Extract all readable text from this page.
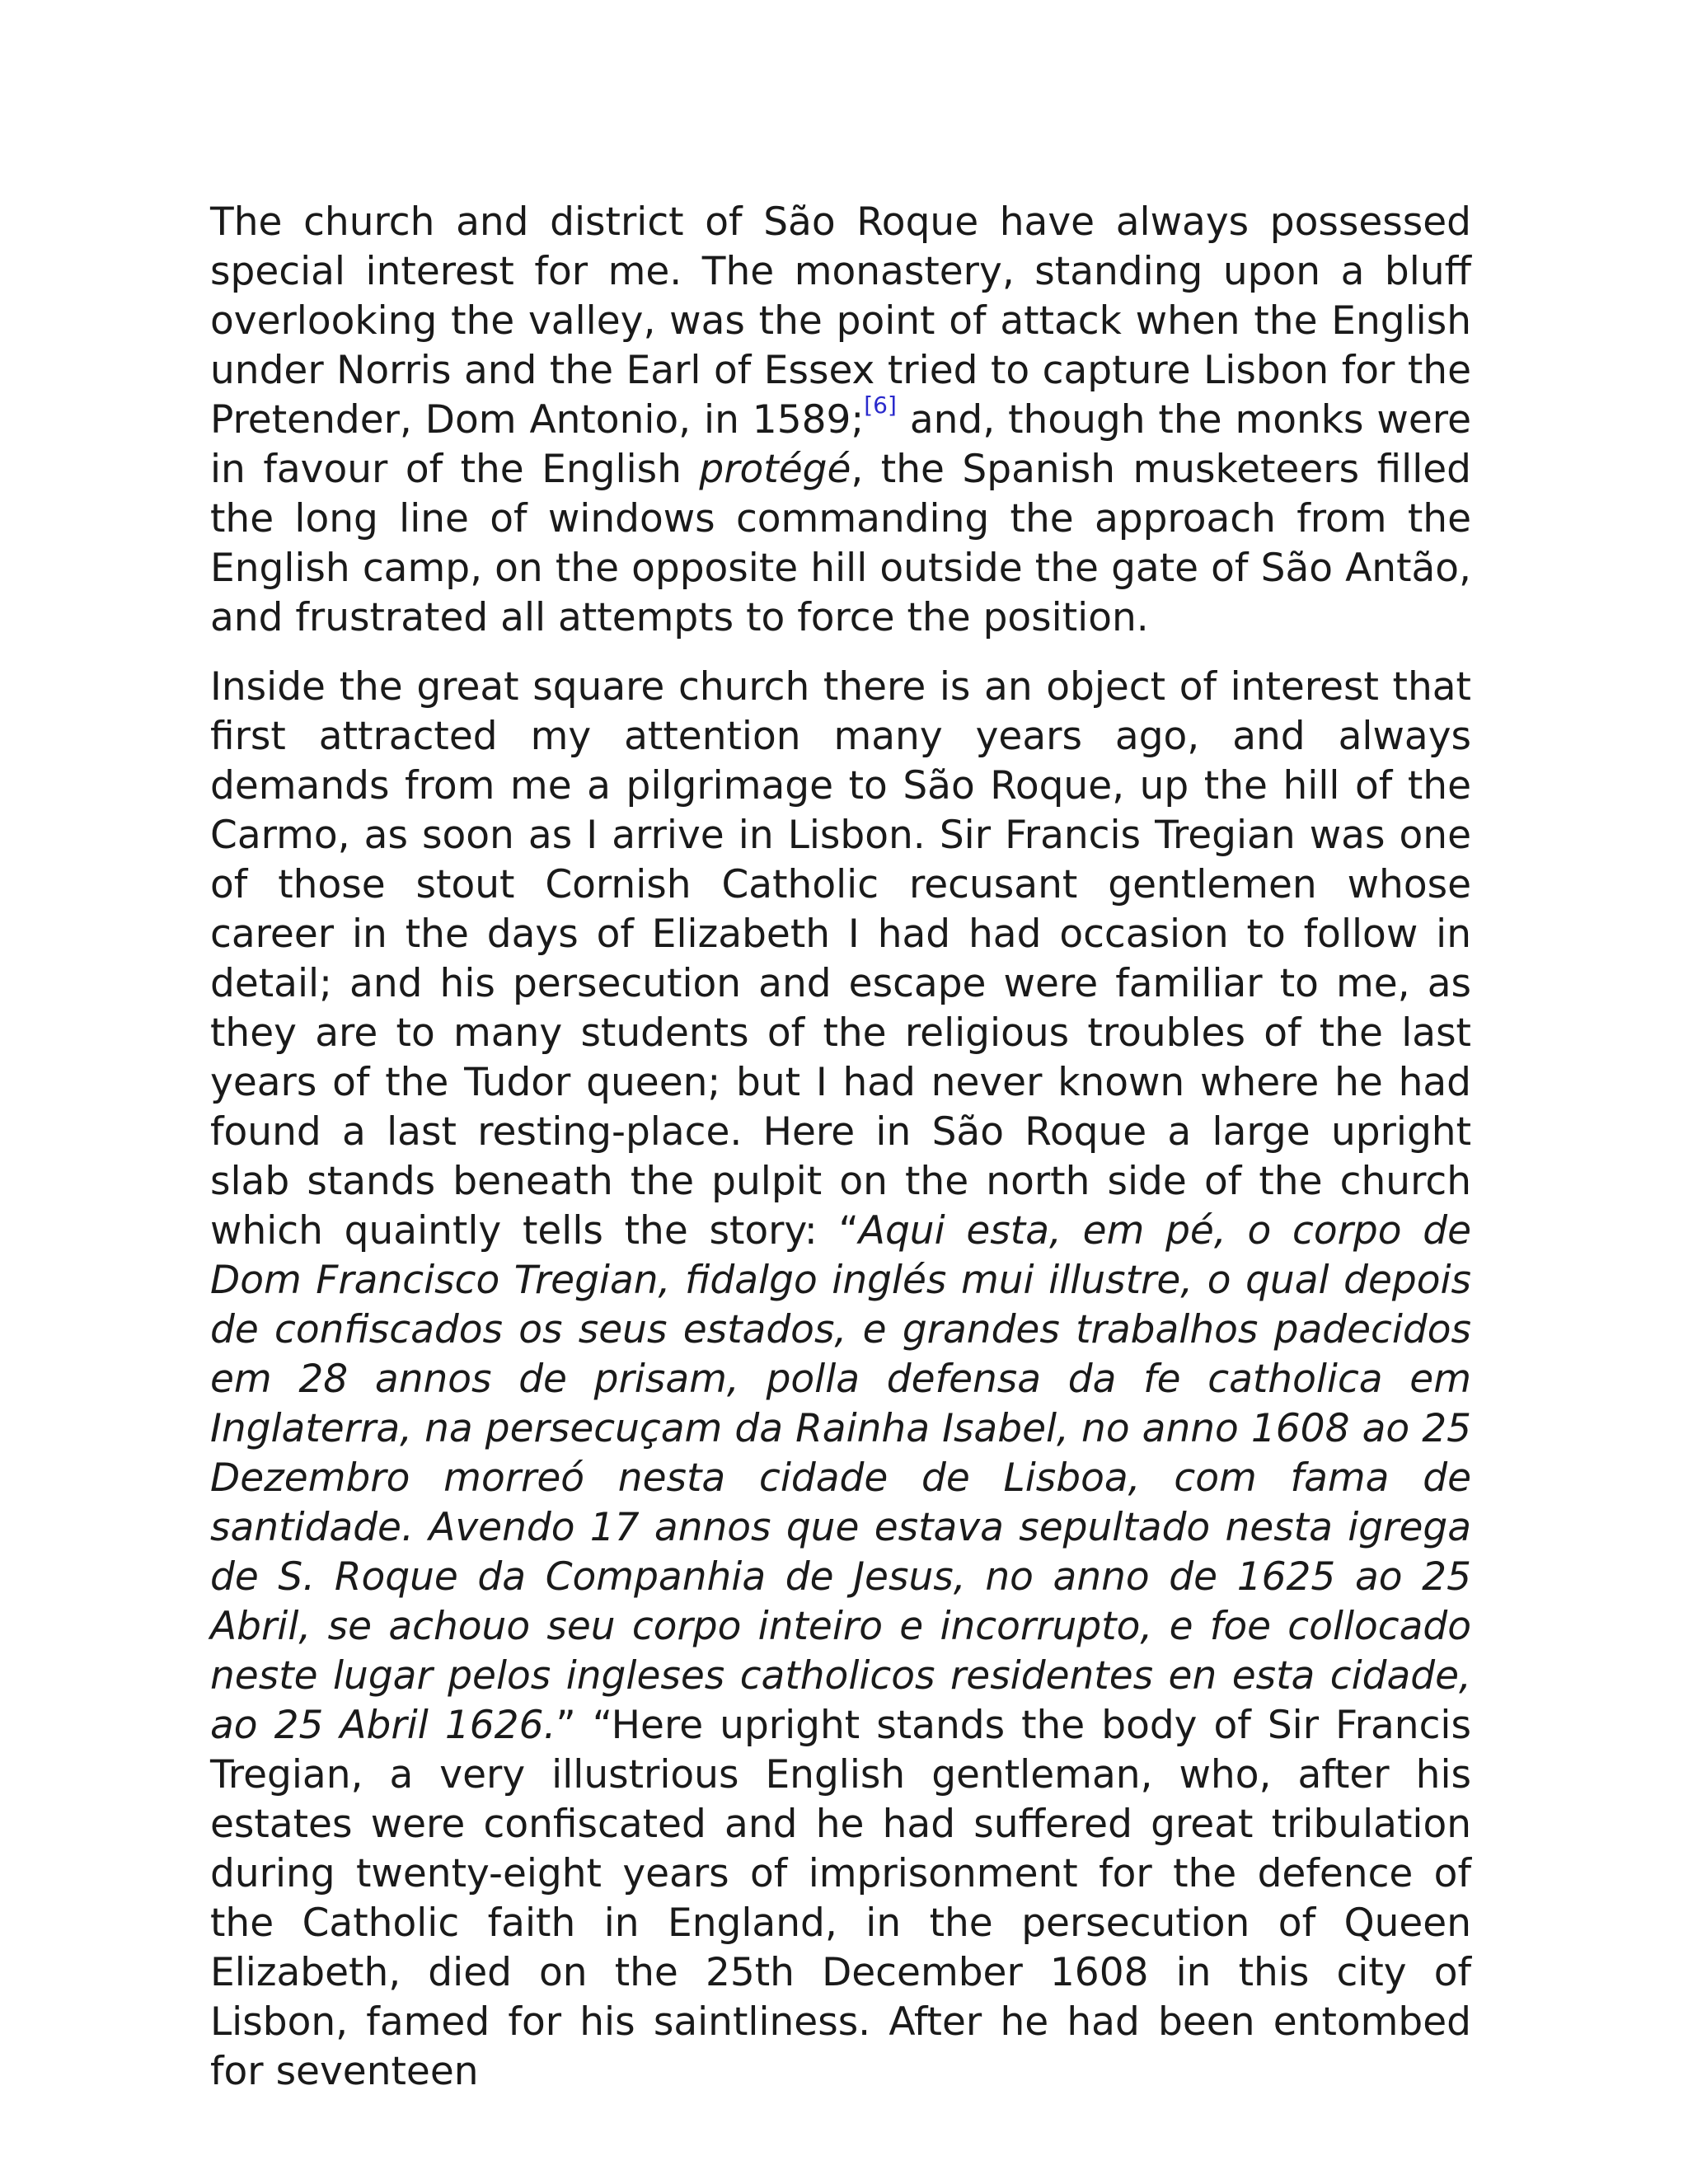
The church and district of São Roque have always possessed special interest for me. The monastery, standing upon a bluff overlooking the valley, was the point of attack when the English under Norris and the Earl of Essex tried to capture Lisbon for the Pretender, Dom Antonio, in 1589;[6] and, though the monks were in favour of the English protégé, the Spanish musketeers filled the long line of windows commanding the approach from the English camp, on the opposite hill outside the gate of São Antão, and frustrated all attempts to force the position.

Inside the great square church there is an object of interest that first attracted my attention many years ago, and always demands from me a pilgrimage to São Roque, up the hill of the Carmo, as soon as I arrive in Lisbon. Sir Francis Tregian was one of those stout Cornish Catholic recusant gentlemen whose career in the days of Elizabeth I had had occasion to follow in detail; and his persecution and escape were familiar to me, as they are to many students of the religious troubles of the last years of the Tudor queen; but I had never known where he had found a last resting-place. Here in São Roque a large upright slab stands beneath the pulpit on the north side of the church which quaintly tells the story: “Aqui esta, em pé, o corpo de Dom Francisco Tregian, fidalgo inglés mui illustre, o qual depois de confiscados os seus estados, e grandes trabalhos padecidos em 28 annos de prisam, polla defensa da fe catholica em Inglaterra, na persecuçam da Rainha Isabel, no anno 1608 ao 25 Dezembro morreó nesta cidade de Lisboa, com fama de santidade. Avendo 17 annos que estava sepultado nesta igrega de S. Roque da Companhia de Jesus, no anno de 1625 ao 25 Abril, se achouo seu corpo inteiro e incorrupto, e foe collocado neste lugar pelos ingleses catholicos residentes en esta cidade, ao 25 Abril 1626.” “Here upright stands the body of Sir Francis Tregian, a very illustrious English gentleman, who, after his estates were confiscated and he had suffered great tribulation during twenty-eight years of imprisonment for the defence of the Catholic faith in England, in the persecution of Queen Elizabeth, died on the 25th December 1608 in this city of Lisbon, famed for his saintliness. After he had been entombed for seventeen
